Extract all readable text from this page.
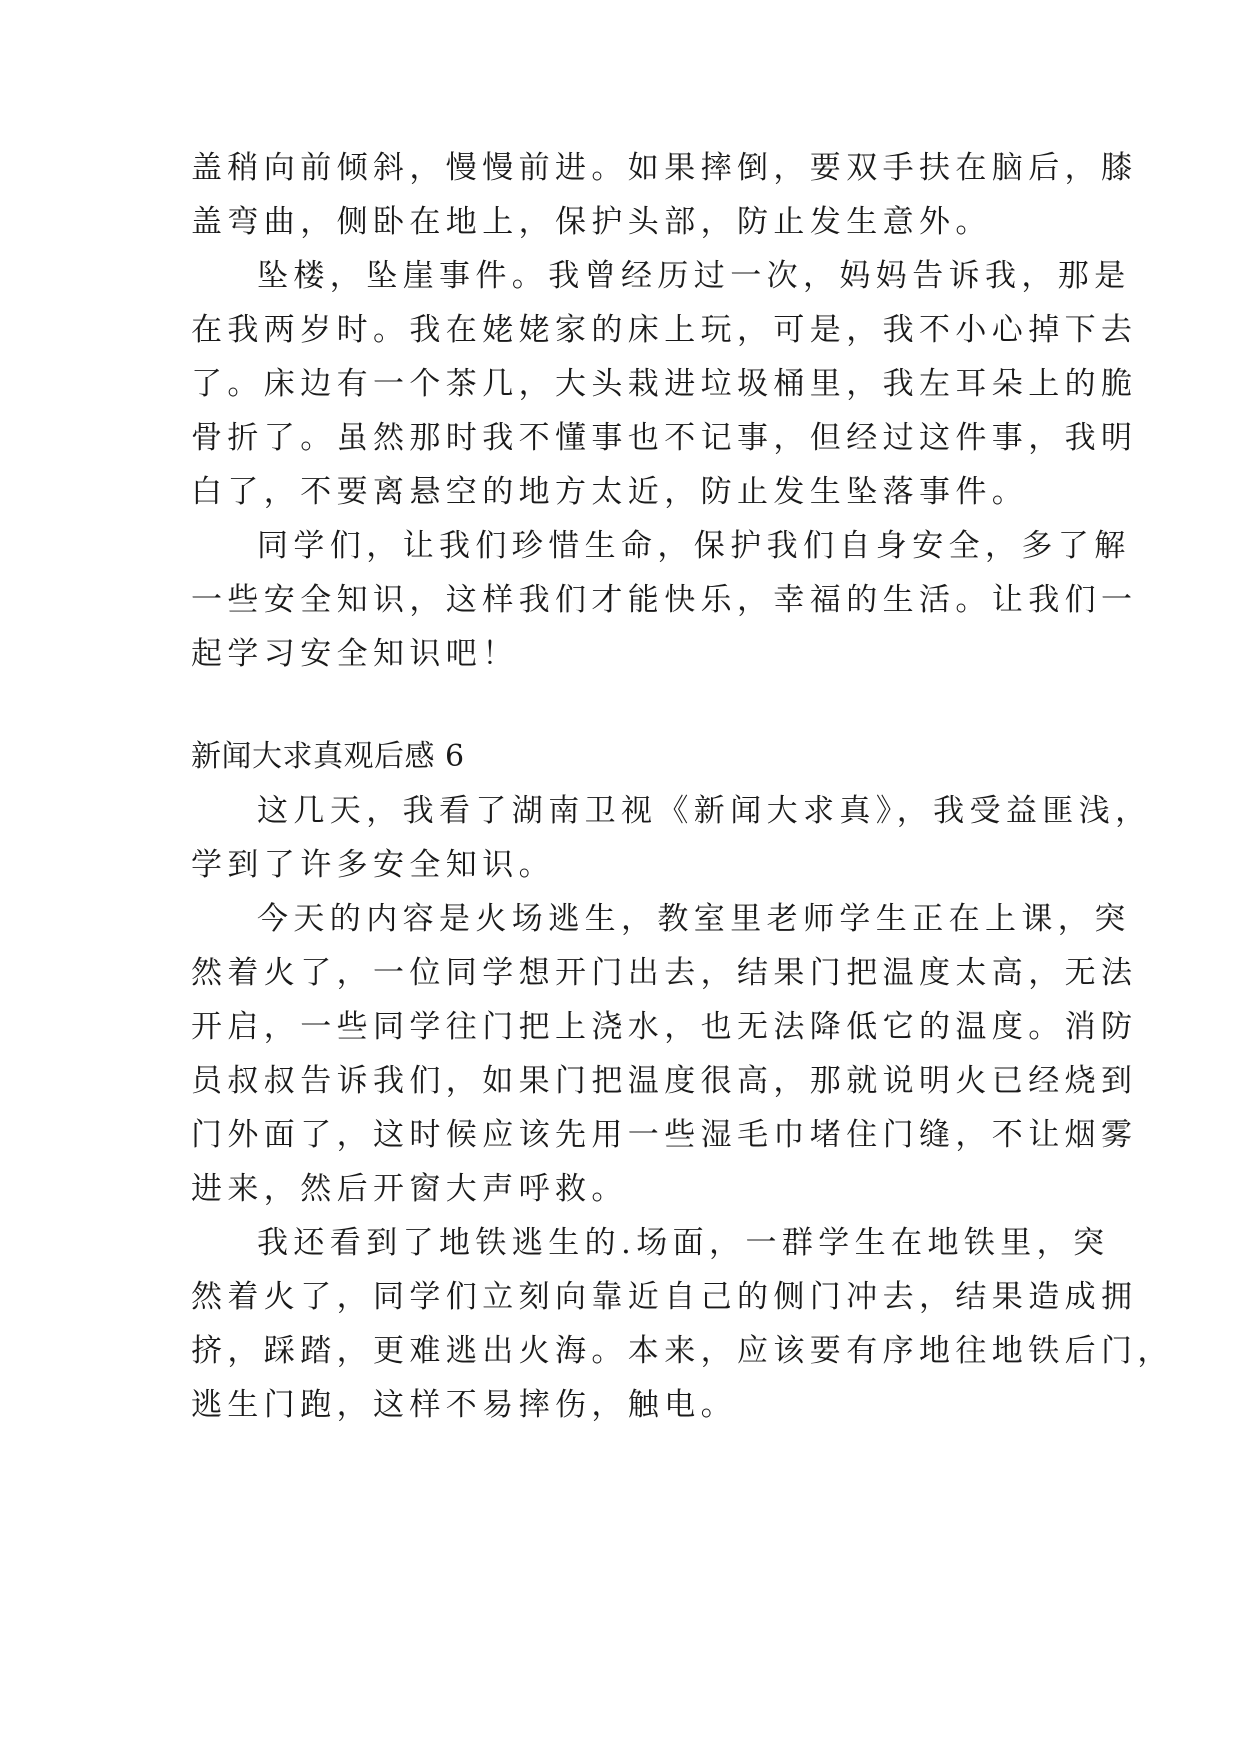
盖稍向前倾斜，慢慢前进。如果摔倒，要双手扶在脑后，膝
盖弯曲，侧卧在地上，保护头部，防止发生意外。
坠楼，坠崖事件。我曾经历过一次，妈妈告诉我，那是
在我两岁时。我在姥姥家的床上玩，可是，我不小心掉下去
了。床边有一个茶几，大头栽进垃圾桶里，我左耳朵上的脆
骨折了。虽然那时我不懂事也不记事，但经过这件事，我明
白了，不要离悬空的地方太近，防止发生坠落事件。
同学们，让我们珍惜生命，保护我们自身安全，多了解
一些安全知识，这样我们才能快乐，幸福的生活。让我们一
起学习安全知识吧！
新闻大求真观后感 6
这几天，我看了湖南卫视《新闻大求真》，我受益匪浅，
学到了许多安全知识。
今天的内容是火场逃生，教室里老师学生正在上课，突
然着火了，一位同学想开门出去，结果门把温度太高，无法
开启，一些同学往门把上浇水，也无法降低它的温度。消防
员叔叔告诉我们，如果门把温度很高，那就说明火已经烧到
门外面了，这时候应该先用一些湿毛巾堵住门缝，不让烟雾
进来，然后开窗大声呼救。
我还看到了地铁逃生的.场面，一群学生在地铁里，突
然着火了，同学们立刻向靠近自己的侧门冲去，结果造成拥
挤，踩踏，更难逃出火海。本来，应该要有序地往地铁后门，
逃生门跑，这样不易摔伤，触电。
